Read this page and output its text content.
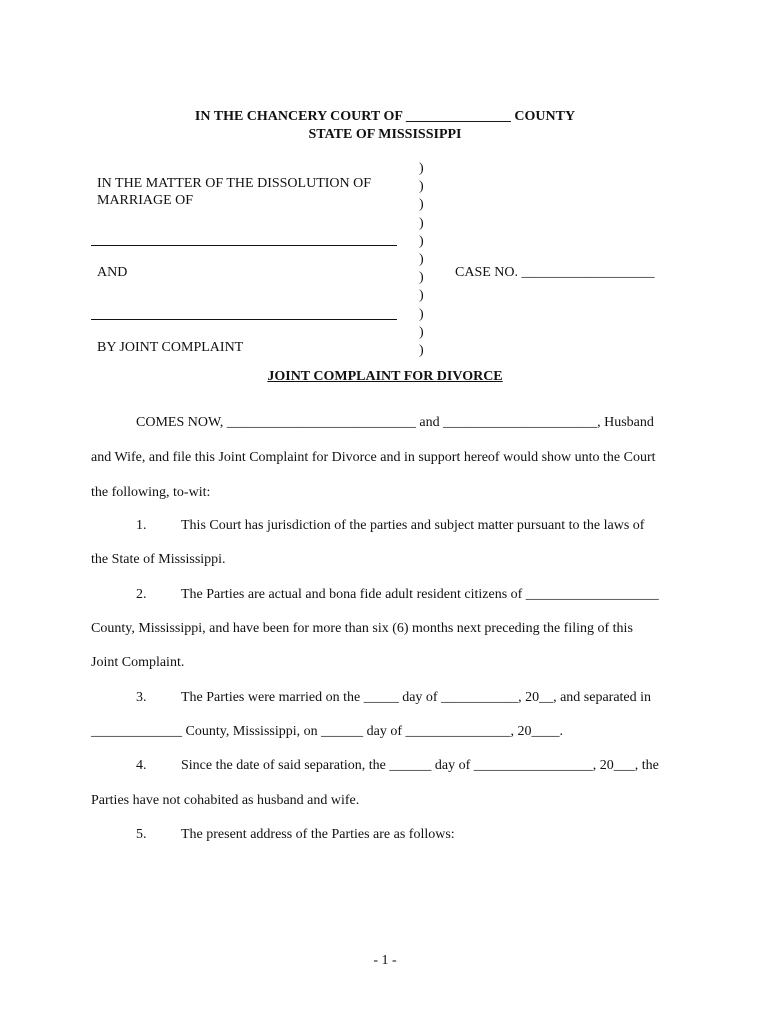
IN THE CHANCERY COURT OF _______________ COUNTY
STATE OF MISSISSIPPI
IN THE MATTER OF THE DISSOLUTION OF
MARRIAGE OF
AND
BY JOINT COMPLAINT
)
)
)
)
)
)
)
)
)
)
)
CASE NO. ___________________
JOINT COMPLAINT FOR DIVORCE
COMES NOW, ___________________________ and ______________________, Husband
and Wife, and file this Joint Complaint for Divorce and in support hereof would show unto the Court
the following, to-wit:
1. This Court has jurisdiction of the parties and subject matter pursuant to the laws of
the State of Mississippi.
2. The Parties are actual and bona fide adult resident citizens of ___________________
County, Mississippi, and have been for more than six (6) months next preceding the filing of this
Joint Complaint.
3. The Parties were married on the _____ day of ___________, 20__, and separated in
_____________ County, Mississippi, on ______ day of _______________, 20____.
4. Since the date of said separation, the ______ day of _________________, 20___, the
Parties have not cohabited as husband and wife.
5. The present address of the Parties are as follows:
- 1 -
